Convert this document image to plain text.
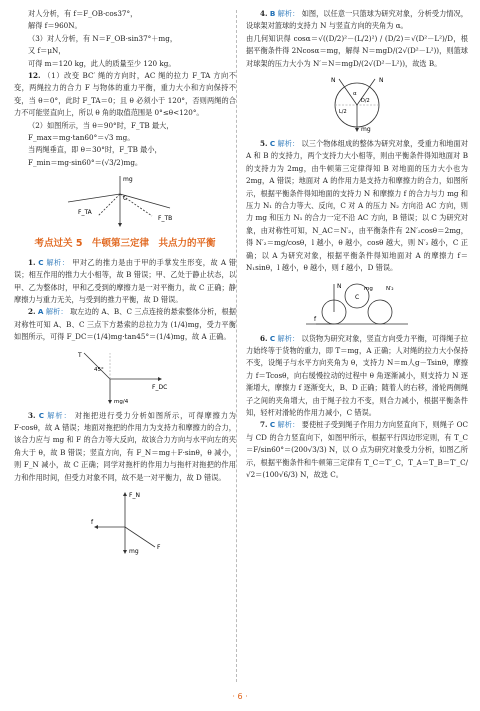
对人分析，有 f＝F_OB·cos37°，

解得 f＝960N。

（3）对人分析，有 N＝F_OB·sin37°＋mg，

又 f＝μN，

可得 m＝120 kg，此人的质量至少 120 kg。

12. （1）改变 BC′ 绳的方向时，AC 绳的拉力 F_TA 方向不变，两绳拉力的合力 F 与物体的重力平衡，重力大小和方向保持不变，当 θ＝0°，此时 F_TA＝0；且 θ 必须小于 120°，否则两绳的合力不可能竖直向上，所以 θ 角的取值范围是 0°≤θ<120°。

（2）如图所示，当 θ＝90°时，F_TB 最大，

F_max＝mg·tan60°＝√3 mg。

当两绳垂直，即 θ＝30°时，F_TB 最小，

F_min＝mg·sin60°＝(√3/2)mg。

F_TA
mg
F_TB
C
考点过关 5　牛顿第三定律　共点力的平衡

1. C 解析： 甲对乙的推力是由于甲的手掌发生形变，故 A 错误；相互作用的推力大小相等，故 B 错误；甲、乙处于静止状态，以甲、乙为整体时，甲和乙受到的摩擦力是一对平衡力，故 C 正确；静摩擦力与重力无关，与受到的推力平衡，故 D 错误。

2. A 解析： 取左边的 A、B、C 三点连接的悬索整体分析，根据对称性可知 A、B、C 三点下方悬索的总拉力为 (1/4)mg，受力平衡如图所示，可得 F_DC＝(1/4)mg·tan45°＝(1/4)mg，故 A 正确。

T
45°
F_DC
mg/4

3. C 解析： 对拖把进行受力分析如图所示，可得摩擦力为 F·cosθ，故 A 错误；地面对拖把的作用力为支持力和摩擦力的合力，该合力应与 mg 和 F 的合力等大反向，故该合力方向与水平向左的夹角大于 θ，故 B 错误；竖直方向，有 F_N＝mg＋F·sinθ，θ 减小，则 F_N 减小，故 C 正确；同学对拖杆的作用力与拖杆对拖把的作用力和作用时间，但受力对象不同，故不是一对平衡力，故 D 错误。

F_N
F
f
mg

4. B 解析： 如图，以任意一只篮球为研究对象，分析受力情况，设球架对篮球的支持力 N 与竖直方向的夹角为 α。

由几何知识得 cosα＝√((D/2)²－(L/2)²) / (D/2)＝√(D²－L²)/D，根据平衡条件得 2Ncosα＝mg，解得 N＝mgD/(2√(D²－L²))，则篮球对球架的压力大小为 N′＝N＝mgD/(2√(D²－L²))，故选 B。

N	N
α
D/2
L/2
mg

5. C 解析： 以三个物体组成的整体为研究对象，受重力和地面对 A 和 B 的支持力，两个支持力大小相等，则由平衡条件得知地面对 B 的支持力为 2mg，由牛顿第三定律得知 B 对地面的压力大小也为 2mg，A 错误；地面对 A 的作用力是支持力和摩擦力的合力，如图所示，根据平衡条件得知地面的支持力 N 和摩擦力 f 的合力与力 mg 和压力 N₁ 的合力等大、反向，C 对 A 的压力 N₂ 方向沿 AC 方向，则力 mg 和压力 N₁ 的合力一定不沿 AC 方向，B 错误；以 C 为研究对象，由对称性可知，N_AC＝N′₂，由平衡条件有 2N′₂cosθ＝2mg，得 N′₂＝mg/cosθ，l 越小，θ 越小，cosθ 越大，则 N′₂ 越小，C 正确；以 A 为研究对象，根据平衡条件得知地面对 A 的摩擦力 f＝N₁sinθ，l 越小，θ 越小，则 f 越小，D 错误。

N
f
C
mg N′₂

6. C 解析： 以货物为研究对象，竖直方向受力平衡，可得绳子拉力始终等于货物的重力，即 T＝mg，A 正确；人对绳的拉力大小保持不变，设绳子与水平方向夹角为 θ，支持力 N＝m人g－Tsinθ，摩擦力 f＝Tcosθ，向右缓慢拉动的过程中 θ 角逐渐减小，则支持力 N 逐渐增大，摩擦力 f 逐渐变大，B、D 正确；随着人的右移，滑轮两侧绳子之间的夹角增大，由于绳子拉力不变，则合力减小，根据平衡条件知，轻杆对滑轮的作用力减小，C 错误。

7. C 解析： 要使桩子受到绳子作用力方向竖直向下，则绳子 OC 与 CD 的合力竖直向下，如图甲所示，根据平行四边形定则，有 T_C＝F/sin60°＝(200√3/3) N，以 O 点为研究对象受力分析，如图乙所示，根据平衡条件和牛顿第三定律有 T_C＝T′_C，T_A＝T_B＝T′_C/√2＝(100√6/3) N，故选 C。

· 6 ·
